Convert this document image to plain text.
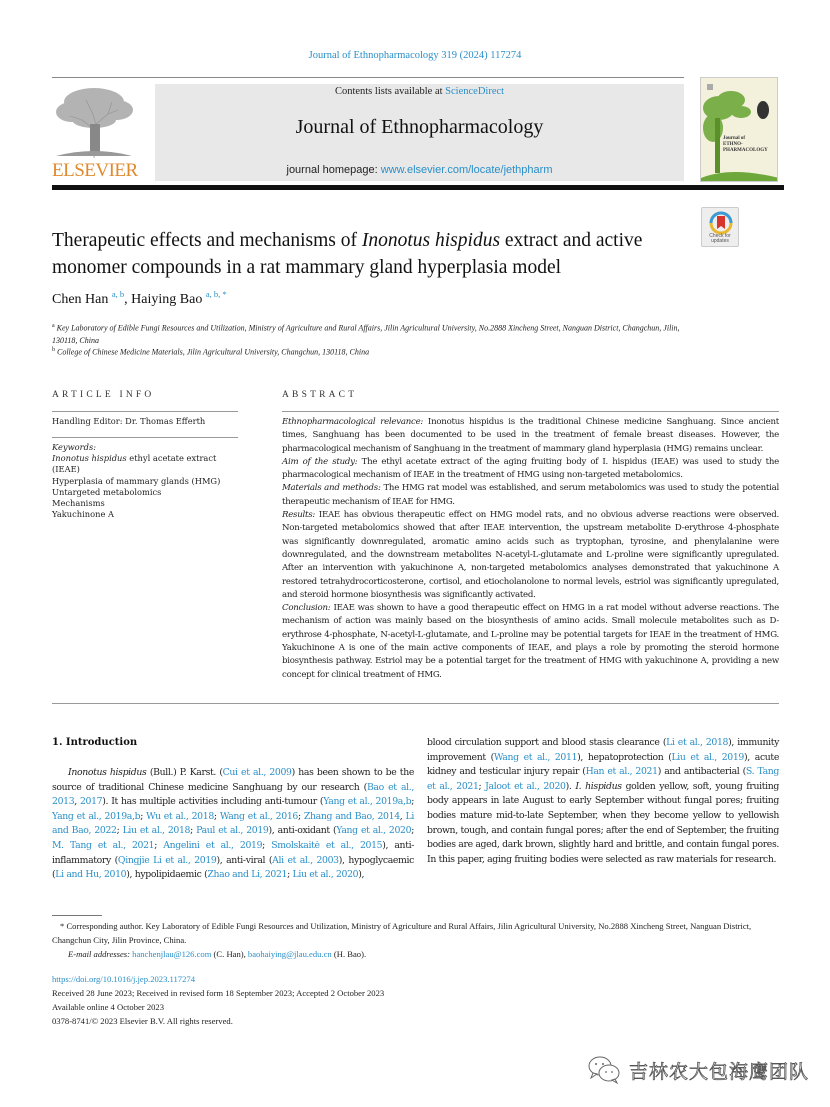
Journal of Ethnopharmacology 319 (2024) 117274
ELSEVIER
Contents lists available at ScienceDirect
Journal of Ethnopharmacology
journal homepage: www.elsevier.com/locate/jethpharm
Journal of
ETHNO-
PHARMACOLOGY
Check for updates
Therapeutic effects and mechanisms of Inonotus hispidus extract and active monomer compounds in a rat mammary gland hyperplasia model
Chen Han $^{a, b}$, Haiying Bao $^{a, b, *}$
$^a$ Key Laboratory of Edible Fungi Resources and Utilization, Ministry of Agriculture and Rural Affairs, Jilin Agricultural University, No.2888 Xincheng Street, Nanguan District, Changchun, Jilin, 130118, China
$^b$ College of Chinese Medicine Materials, Jilin Agricultural University, Changchun, 130118, China
ARTICLE INFO
Handling Editor: Dr. Thomas Efferth
Keywords:
Inonotus hispidus ethyl acetate extract (IEAE)
Hyperplasia of mammary glands (HMG)
Untargeted metabolomics
Mechanisms
Yakuchinone A
ABSTRACT

Ethnopharmacological relevance: Inonotus hispidus is the traditional Chinese medicine Sanghuang. Since ancient times, Sanghuang has been documented to be used in the treatment of female breast diseases. However, the pharmacological mechanism of Sanghuang in the treatment of mammary gland hyperplasia (HMG) remains unclear.

Aim of the study: The ethyl acetate extract of the aging fruiting body of I. hispidus (IEAE) was used to study the pharmacological mechanism of IEAE in the treatment of HMG using non-targeted metabolomics.

Materials and methods: The HMG rat model was established, and serum metabolomics was used to study the potential therapeutic mechanism of IEAE for HMG.

Results: IEAE has obvious therapeutic effect on HMG model rats, and no obvious adverse reactions were observed. Non-targeted metabolomics showed that after IEAE intervention, the upstream metabolite D-erythrose 4-phosphate was significantly downregulated, aromatic amino acids such as tryptophan, tyrosine, and phenylalanine were downregulated, and the downstream metabolites N-acetyl-L-glutamate and L-proline were significantly upregulated. After an intervention with yakuchinone A, non-targeted metabolomics analyses demonstrated that yakuchinone A restored tetrahydrocorticosterone, cortisol, and etiocholanolone to normal levels, estriol was significantly upregulated, and steroid hormone biosynthesis was significantly activated.

Conclusion: IEAE was shown to have a good therapeutic effect on HMG in a rat model without adverse reactions. The mechanism of action was mainly based on the biosynthesis of amino acids. Small molecule metabolites such as D-erythrose 4-phosphate, N-acetyl-L-glutamate, and L-proline may be potential targets for IEAE in the treatment of HMG. Yakuchinone A is one of the main active components of IEAE, and plays a role by promoting the steroid hormone biosynthesis pathway. Estriol may be a potential target for the treatment of HMG with yakuchinone A, providing a new concept for clinical treatment of HMG.

1. Introduction
Inonotus hispidus (Bull.) P. Karst. (Cui et al., 2009) has been shown to be the source of traditional Chinese medicine Sanghuang by our research (Bao et al., 2013, 2017). It has multiple activities including anti-tumour (Yang et al., 2019a,b; Yang et al., 2019a,b; Wu et al., 2018; Wang et al., 2016; Zhang and Bao, 2014, Li and Bao, 2022; Liu et al., 2018; Paul et al., 2019), anti-oxidant (Yang et al., 2020; M. Tang et al., 2021; Angelini et al., 2019; Smolskaitė et al., 2015), anti-inflammatory (Qingjie Li et al., 2019), anti-viral (Ali et al., 2003), hypoglycaemic (Li and Hu, 2010), hypolipidaemic (Zhao and Li, 2021; Liu et al., 2020),
blood circulation support and blood stasis clearance (Li et al., 2018), immunity improvement (Wang et al., 2011), hepatoprotection (Liu et al., 2019), acute kidney and testicular injury repair (Han et al., 2021) and antibacterial (S. Tang et al., 2021; Jaloot et al., 2020). I. hispidus golden yellow, soft, young fruiting body appears in late August to early September without fungal pores; fruiting bodies mature mid-to-late September, when they become yellow to yellowish brown, tough, and contain fungal pores; after the end of September, the fruiting bodies are aged, dark brown, slightly hard and brittle, and contain fungal pores. In this paper, aging fruiting bodies were selected as raw materials for research.
* Corresponding author. Key Laboratory of Edible Fungi Resources and Utilization, Ministry of Agriculture and Rural Affairs, Jilin Agricultural University, No.2888 Xincheng Street, Nanguan District, Changchun City, Jilin Province, China.
E-mail addresses: hanchenjlau@126.com (C. Han), baohaiying@jlau.edu.cn (H. Bao).
https://doi.org/10.1016/j.jep.2023.117274
Received 28 June 2023; Received in revised form 18 September 2023; Accepted 2 October 2023
Available online 4 October 2023
0378-8741/© 2023 Elsevier B.V. All rights reserved.
吉林农大包海鹰团队
